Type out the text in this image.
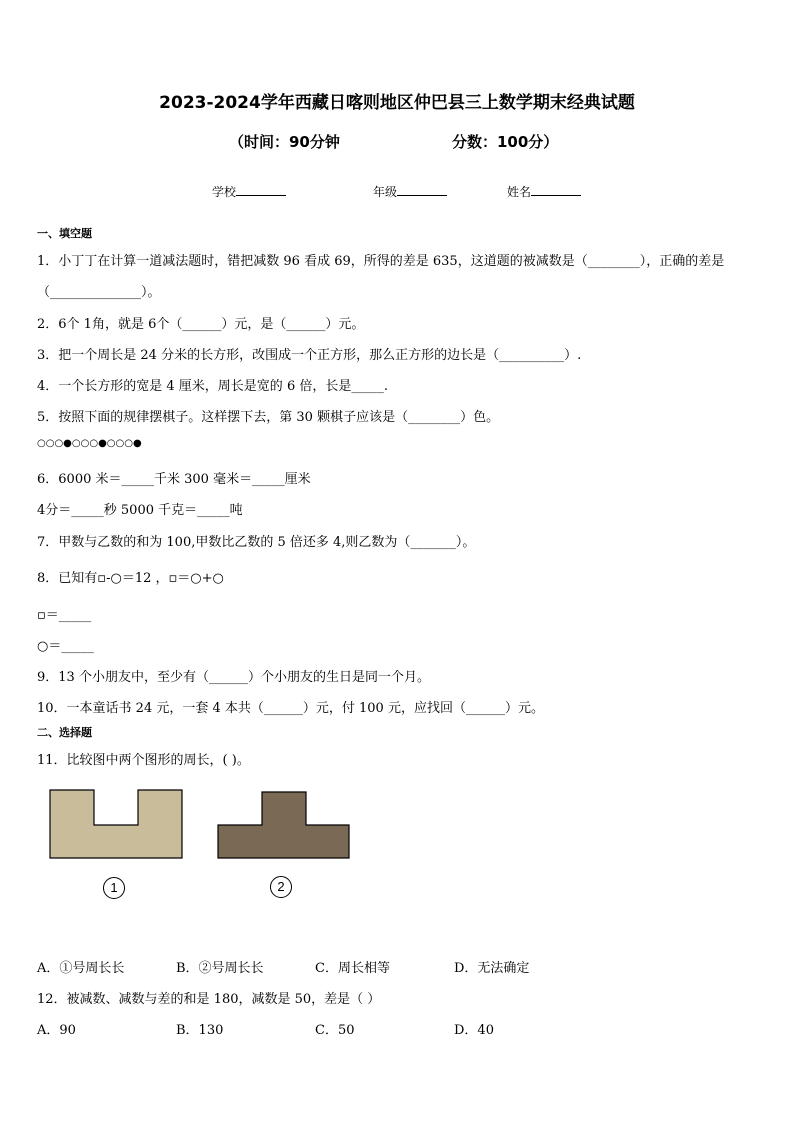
2023-2024学年西藏日喀则地区仲巴县三上数学期末经典试题
（时间：90分钟	分数：100分）
学校	年级	姓名
一、填空题
1．小丁丁在计算一道减法题时，错把减数 96 看成 69，所得的差是 635，这道题的被减数是（________），正确的差是
（______________）。
2．6个 1角，就是 6个（______）元，是（______）元。
3．把一个周长是 24 分米的长方形，改围成一个正方形，那么正方形的边长是（__________）.
4．一个长方形的宽是 4 厘米，周长是宽的 6 倍，长是_____.
5．按照下面的规律摆棋子。这样摆下去，第 30 颗棋子应该是（________）色。
○○○●○○○●○○○●
6．6000 米＝_____千米 300 毫米＝_____厘米
4分＝_____秒 5000 千克＝_____吨
7．甲数与乙数的和为 100,甲数比乙数的 5 倍还多 4,则乙数为（_______）。
8．已知有▫-○＝12 ，▫＝○+○
▫＝_____
○＝_____
9．13 个小朋友中，至少有（______）个小朋友的生日是同一个月。
10．一本童话书 24 元，一套 4 本共（______）元，付 100 元，应找回（______）元。
二、选择题
11．比较图中两个图形的周长，( )。
1	2
A．①号周长长	B．②号周长长	C．周长相等	D．无法确定
12．被减数、减数与差的和是 180，减数是 50，差是（ ）
A．90	B．130	C．50	D．40
